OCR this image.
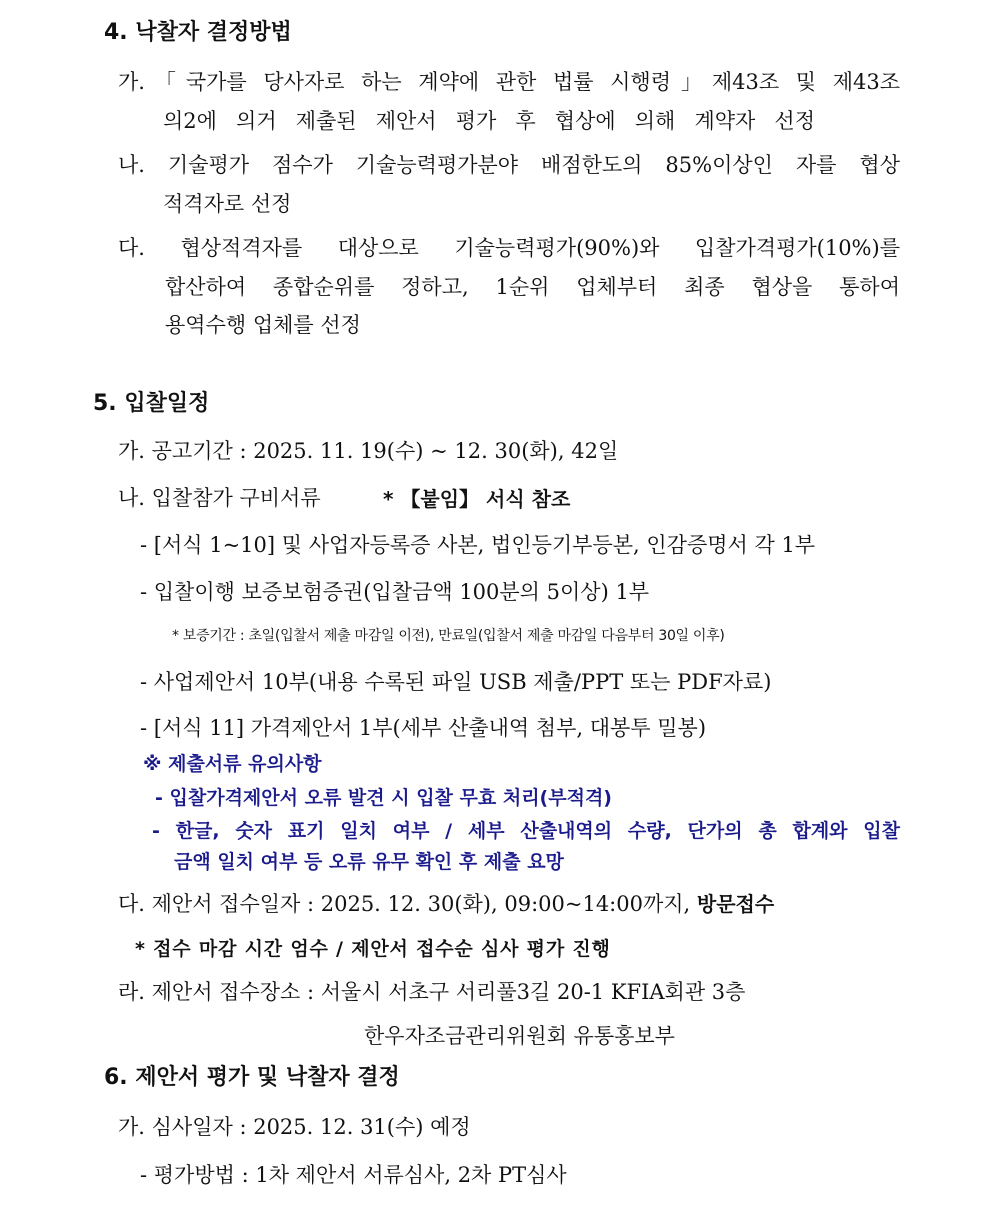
4. 낙찰자 결정방법
가.「국가를 당사자로 하는 계약에 관한 법률 시행령」제43조 및 제43조
의2에 의거 제출된 제안서 평가 후 협상에 의해 계약자 선정
나. 기술평가 점수가 기술능력평가분야 배점한도의 85%이상인 자를 협상
적격자로 선정
다. 협상적격자를 대상으로 기술능력평가(90%)와 입찰가격평가(10%)를
합산하여 종합순위를 정하고, 1순위 업체부터 최종 협상을 통하여
용역수행 업체를 선정
5. 입찰일정
가. 공고기간 : 2025. 11. 19(수) ~ 12. 30(화), 42일
나. 입찰참가 구비서류	* 【붙임】 서식 참조
- [서식 1~10] 및 사업자등록증 사본, 법인등기부등본, 인감증명서 각 1부
- 입찰이행 보증보험증권(입찰금액 100분의 5이상) 1부
* 보증기간 : 초일(입찰서 제출 마감일 이전), 만료일(입찰서 제출 마감일 다음부터 30일 이후)
- 사업제안서 10부(내용 수록된 파일 USB 제출/PPT 또는 PDF자료)
- [서식 11] 가격제안서 1부(세부 산출내역 첨부, 대봉투 밀봉)
※ 제출서류 유의사항
- 입찰가격제안서 오류 발견 시 입찰 무효 처리(부적격)
- 한글, 숫자 표기 일치 여부 / 세부 산출내역의 수량, 단가의 총 합계와 입찰
금액 일치 여부 등 오류 유무 확인 후 제출 요망
다. 제안서 접수일자 : 2025. 12. 30(화), 09:00~14:00까지, 방문접수
* 접수 마감 시간 엄수 / 제안서 접수순 심사 평가 진행
라. 제안서 접수장소 : 서울시 서초구 서리풀3길 20-1 KFIA회관 3층
한우자조금관리위원회 유통홍보부
6. 제안서 평가 및 낙찰자 결정
가. 심사일자 : 2025. 12. 31(수) 예정
- 평가방법 : 1차 제안서 서류심사, 2차 PT심사
